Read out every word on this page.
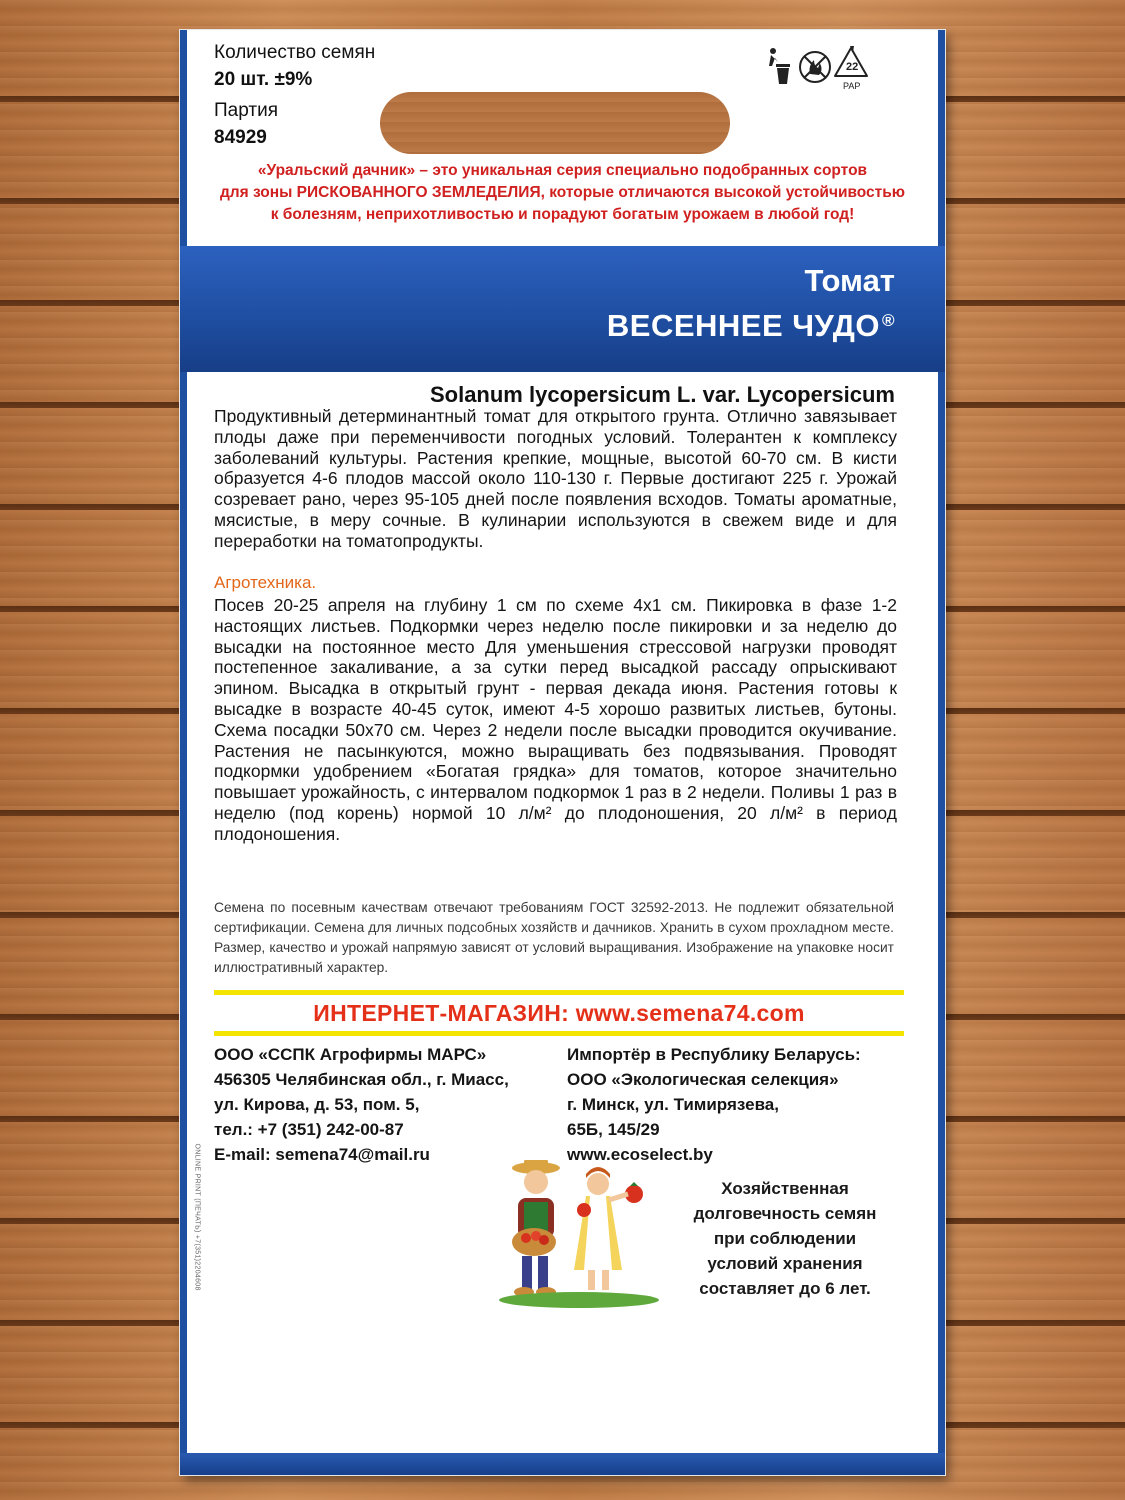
Количество семян
20 шт. ±9%
Партия
84929
22
PAP
«Уральский дачник» – это уникальная серия специально подобранных сортов
для зоны РИСКОВАННОГО ЗЕМЛЕДЕЛИЯ, которые отличаются высокой устойчивостью
к болезням, неприхотливостью и порадуют богатым урожаем в любой год!
Томат
ВЕСЕННЕЕ ЧУДО ®
Solanum lycopersicum L. var. Lycopersicum
Продуктивный детерминантный томат для открытого грунта. Отлично завязывает плоды даже при переменчивости погодных условий. Толерантен к комплексу заболеваний культуры. Растения крепкие, мощные, высотой 60-70 см. В кисти образуется 4-6 плодов массой около 110-130 г. Первые достигают 225 г. Урожай созревает рано, через 95-105 дней после появления всходов. Томаты ароматные, мясистые, в меру сочные. В кулинарии используются в свежем виде и для переработки на томатопродукты.
Агротехника.
Посев 20-25 апреля на глубину 1 см по схеме 4х1 см. Пикировка в фазе 1-2 настоящих листьев. Подкормки через неделю после пикировки и за неделю до высадки на постоянное место Для уменьшения стрессовой нагрузки проводят постепенное закаливание, а за сутки перед высадкой рассаду опрыскивают эпином. Высадка в открытый грунт - первая декада июня. Растения готовы к высадке в возрасте 40-45 суток, имеют 4-5 хорошо развитых листьев, бутоны. Схема посадки 50х70 см. Через 2 недели после высадки проводится окучивание. Растения не пасынкуются, можно выращивать без подвязывания. Проводят подкормки удобрением «Богатая грядка» для томатов, которое значительно повышает урожайность, с интервалом подкормок 1 раз в 2 недели. Поливы 1 раз в неделю (под корень) нормой 10 л/м² до плодоношения, 20 л/м² в период плодоношения.
Семена по посевным качествам отвечают требованиям ГОСТ 32592-2013. Не подлежит обязательной сертификации. Семена для личных подсобных хозяйств и дачников. Хранить в сухом прохладном месте. Размер, качество и урожай напрямую зависят от условий выращивания. Изображение на упаковке носит иллюстративный характер.
ИНТЕРНЕТ-МАГАЗИН: www.semena74.com
ООО «ССПК Агрофирмы МАРС»
456305 Челябинская обл., г. Миасс,
ул. Кирова, д. 53, пом. 5,
тел.: +7 (351) 242-00-87
E-mail: semena74@mail.ru
Импортёр в Республику Беларусь:
ООО «Экологическая селекция»
г. Минск, ул. Тимирязева,
65Б, 145/29
www.ecoselect.by
ONLINE PRINT (ПЕЧАТЬ) +7(351)2204608	Хозяйственная
долговечность семян
при соблюдении
условий хранения
составляет до 6 лет.
